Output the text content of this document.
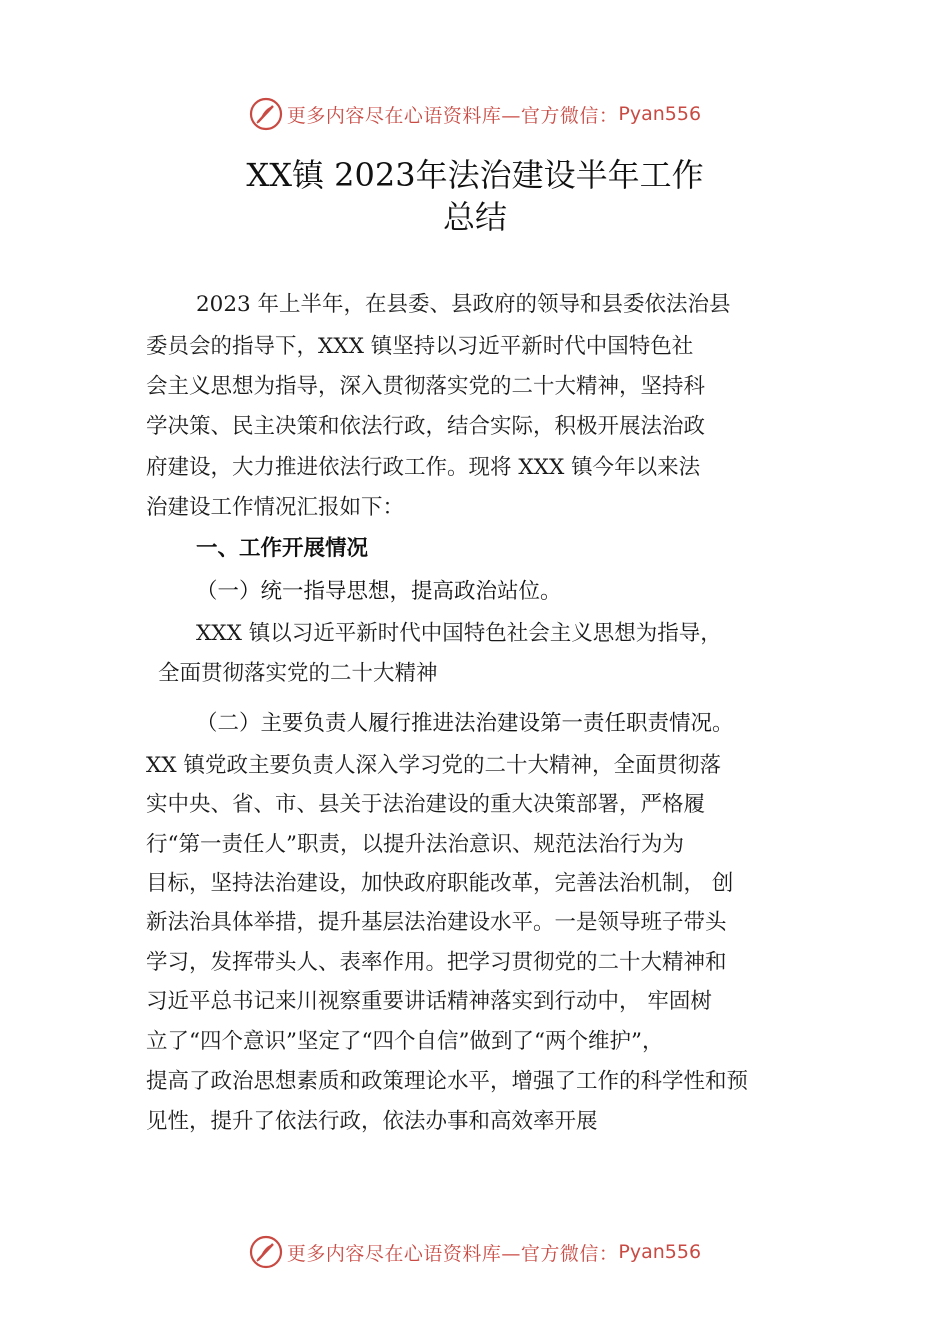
更多内容尽在心语资料库—官方微信： Pyan556
XX镇 2023年法治建设半年工作
总结
2023 年上半年，在县委、县政府的领导和县委依法治县
委员会的指导下，XXX 镇坚持以习近平新时代中国特色社
会主义思想为指导，深入贯彻落实党的二十大精神，坚持科
学决策、民主决策和依法行政，结合实际，积极开展法治政
府建设，大力推进依法行政工作。现将 XXX 镇今年以来法
治建设工作情况汇报如下：
一、工作开展情况
（一）统一指导思想，提高政治站位。
XXX 镇以习近平新时代中国特色社会主义思想为指导，
全面贯彻落实党的二十大精神
（二）主要负责人履行推进法治建设第一责任职责情况。
XX 镇党政主要负责人深入学习党的二十大精神，全面贯彻落
实中央、省、市、县关于法治建设的重大决策部署，严格履
行“第一责任人”职责，以提升法治意识、规范法治行为为
目标，坚持法治建设，加快政府职能改革，完善法治机制， 创
新法治具体举措，提升基层法治建设水平。一是领导班子带头
学习，发挥带头人、表率作用。把学习贯彻党的二十大精神和
习近平总书记来川视察重要讲话精神落实到行动中， 牢固树
立了“四个意识”坚定了“四个自信”做到了“两个维护”，
提高了政治思想素质和政策理论水平，增强了工作的科学性和预
见性，提升了依法行政，依法办事和高效率开展
更多内容尽在心语资料库—官方微信： Pyan556
